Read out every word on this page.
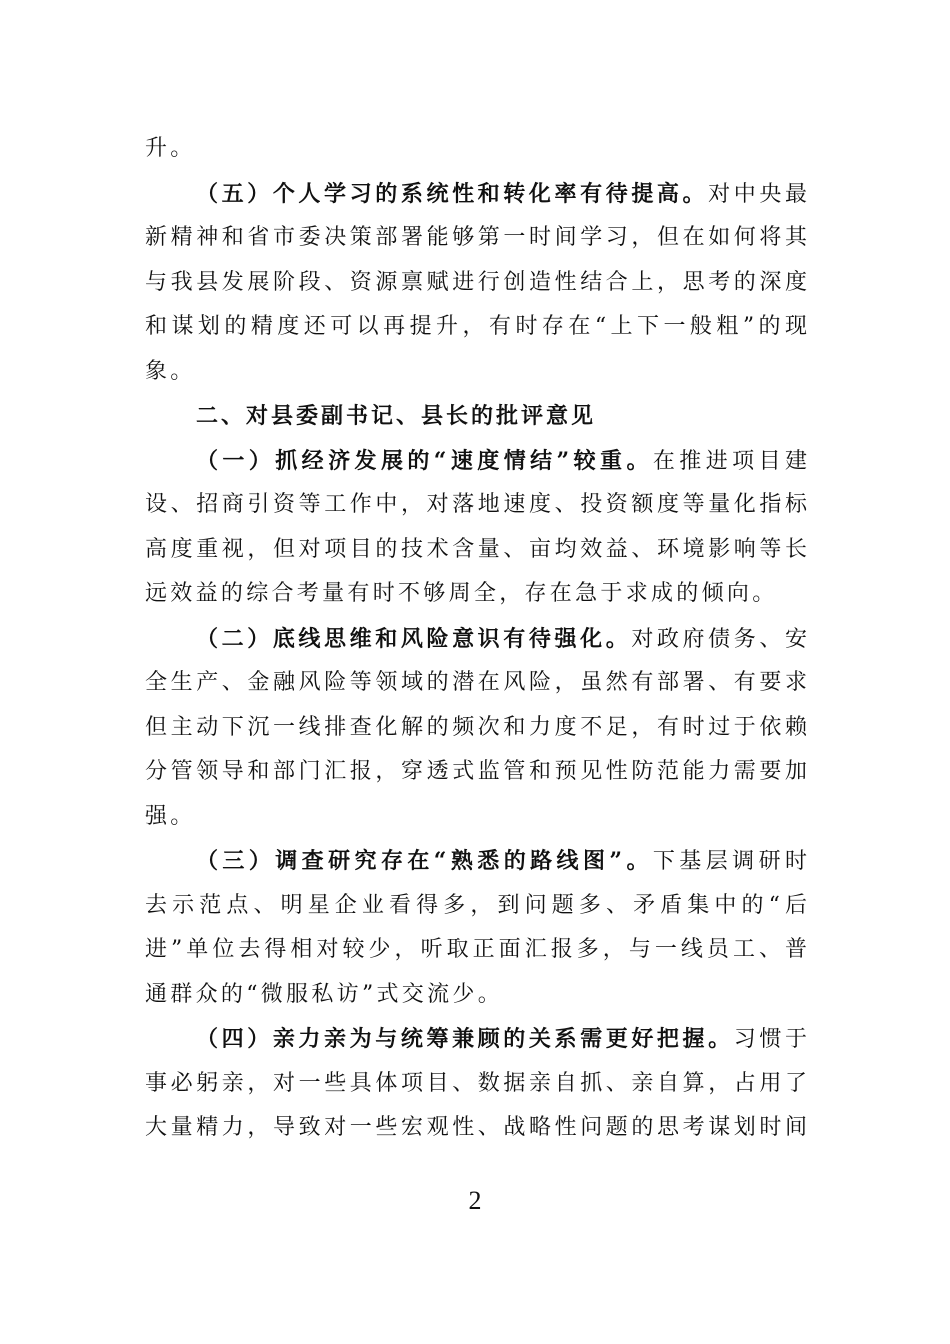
升。
（五）个人学习的系统性和转化率有待提高。对中央最
新精神和省市委决策部署能够第一时间学习，但在如何将其
与我县发展阶段、资源禀赋进行创造性结合上，思考的深度
和谋划的精度还可以再提升，有时存在“上下一般粗”的现
象。
二、对县委副书记、县长的批评意见
（一）抓经济发展的“速度情结”较重。在推进项目建
设、招商引资等工作中，对落地速度、投资额度等量化指标
高度重视，但对项目的技术含量、亩均效益、环境影响等长
远效益的综合考量有时不够周全，存在急于求成的倾向。
（二）底线思维和风险意识有待强化。对政府债务、安
全生产、金融风险等领域的潜在风险，虽然有部署、有要求
但主动下沉一线排查化解的频次和力度不足，有时过于依赖
分管领导和部门汇报，穿透式监管和预见性防范能力需要加
强。
（三）调查研究存在“熟悉的路线图”。下基层调研时
去示范点、明星企业看得多，到问题多、矛盾集中的“后
进”单位去得相对较少，听取正面汇报多，与一线员工、普
通群众的“微服私访”式交流少。
（四）亲力亲为与统筹兼顾的关系需更好把握。习惯于
事必躬亲，对一些具体项目、数据亲自抓、亲自算，占用了
大量精力，导致对一些宏观性、战略性问题的思考谋划时间
2
